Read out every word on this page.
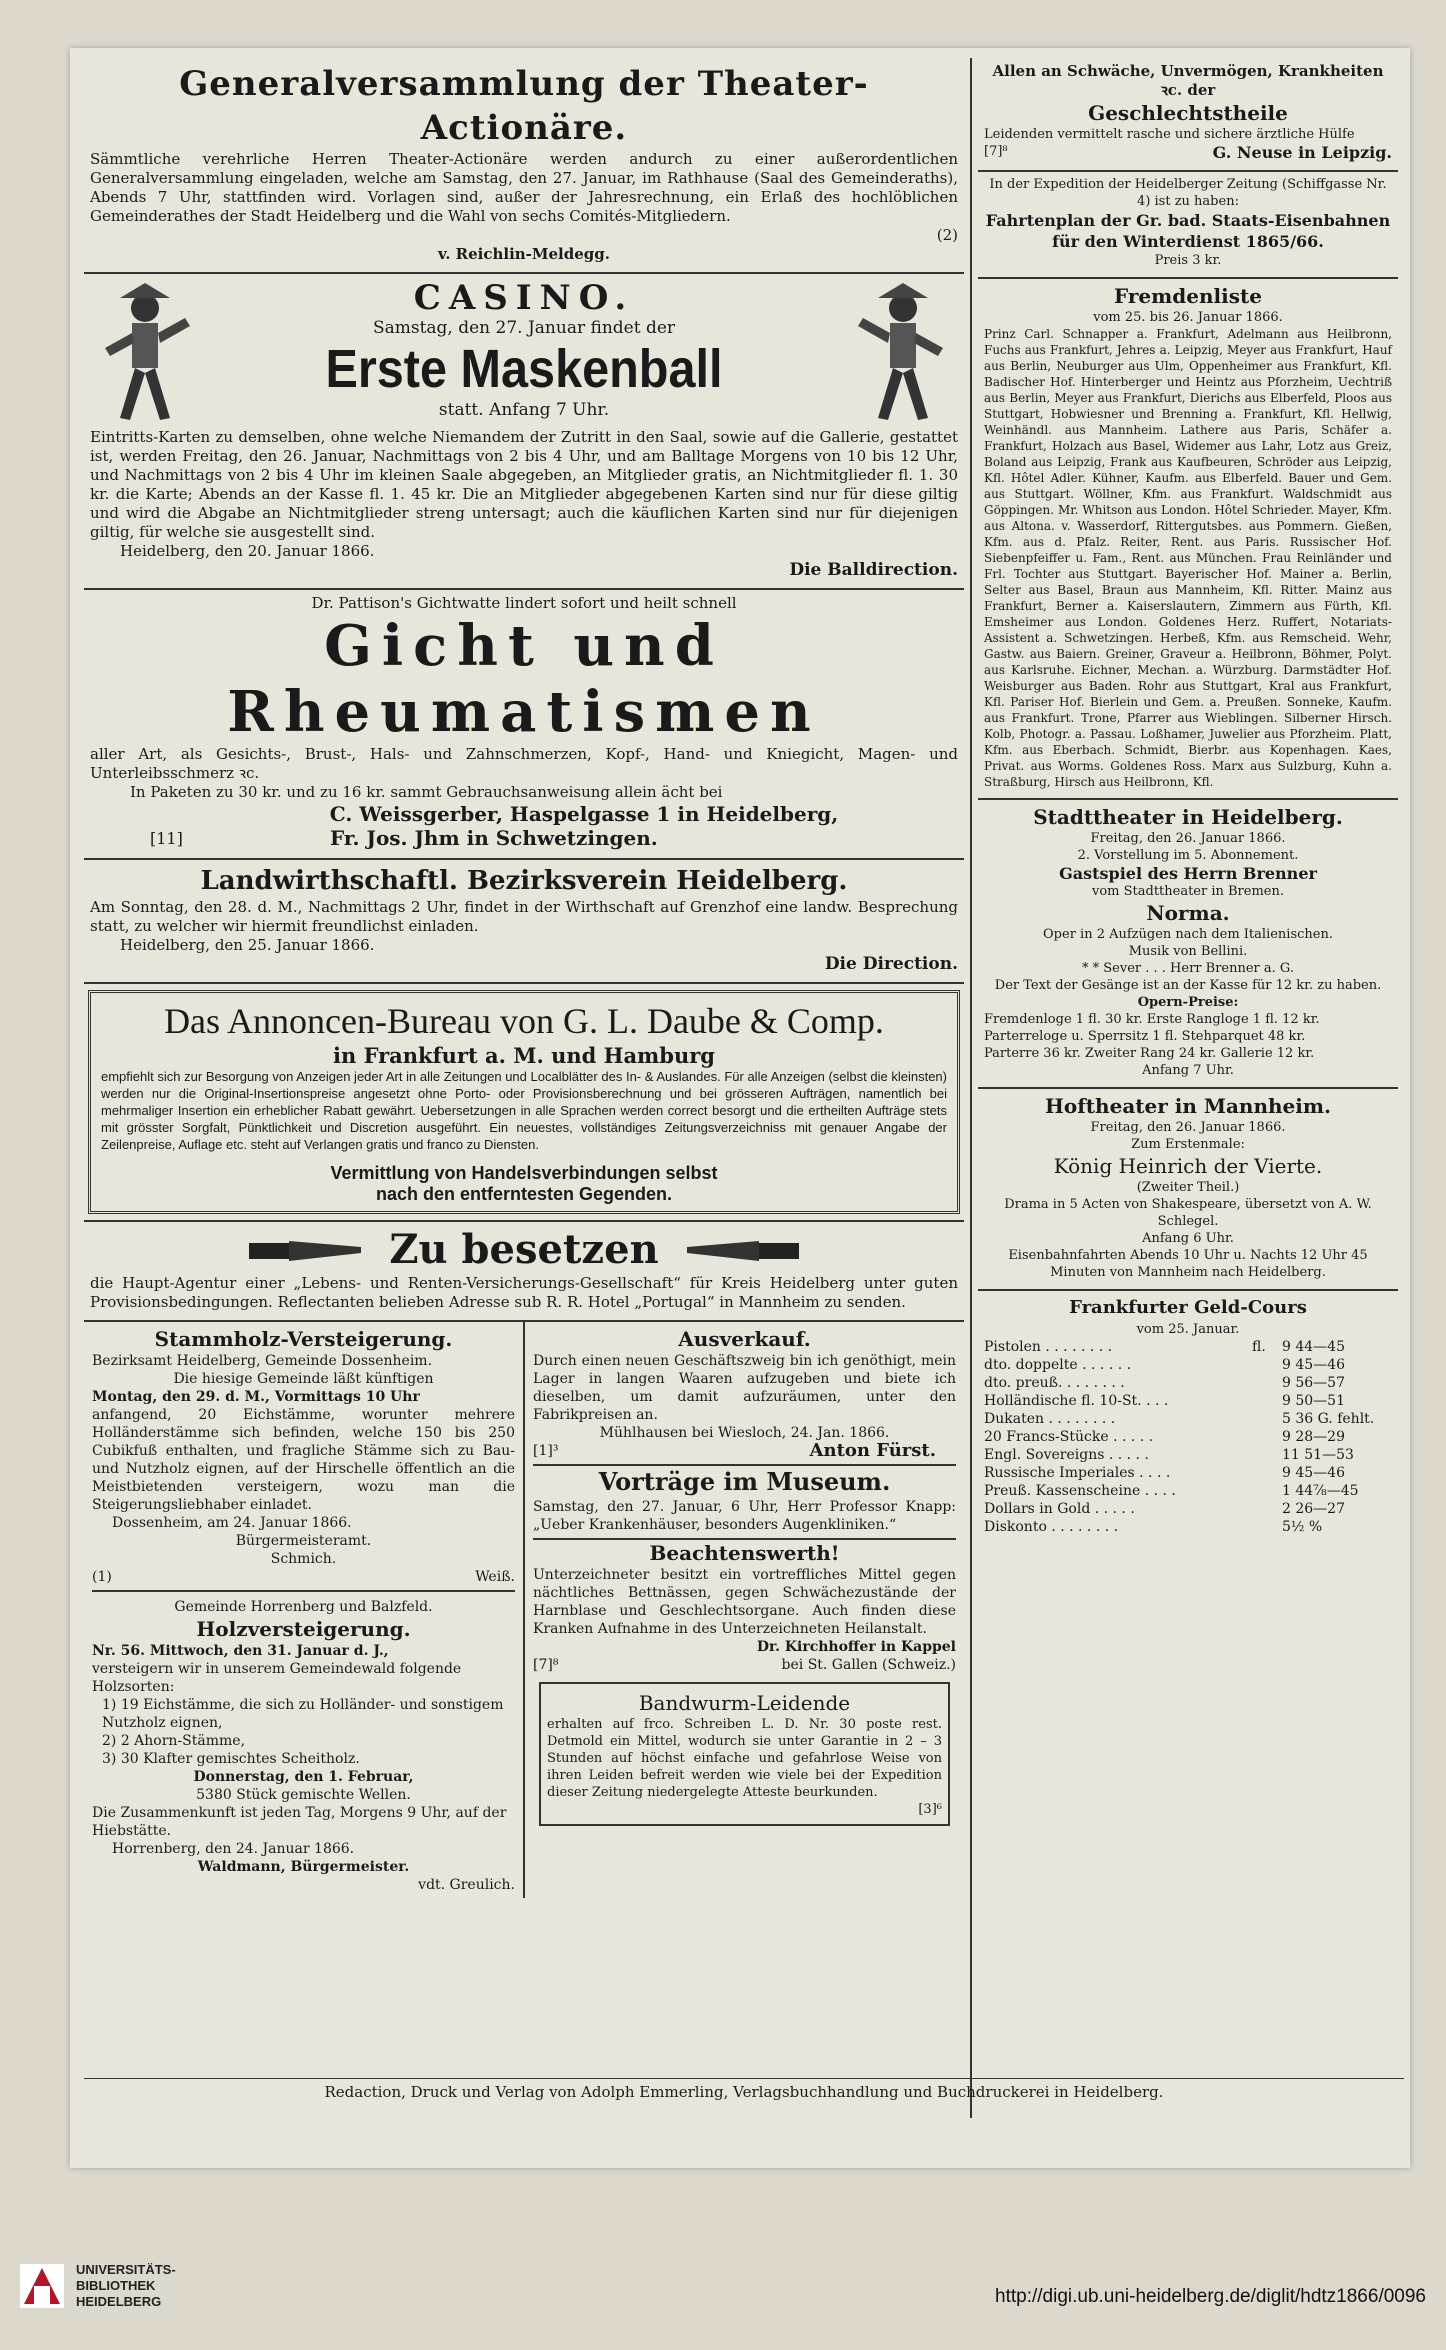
Generalversammlung der Theater-Actionäre.

Sämmtliche verehrliche Herren Theater-Actionäre werden andurch zu einer außerordentlichen Generalversammlung eingeladen, welche am Samstag, den 27. Januar, im Rathhause (Saal des Gemeinderaths), Abends 7 Uhr, stattfinden wird. Vorlagen sind, außer der Jahresrechnung, ein Erlaß des hochlöblichen Gemeinderathes der Stadt Heidelberg und die Wahl von sechs Comités-Mitgliedern.

(2)

v. Reichlin-Meldegg.

CASINO.

Samstag, den 27. Januar findet der

Erste Maskenball

statt. Anfang 7 Uhr.

Eintritts-Karten zu demselben, ohne welche Niemandem der Zutritt in den Saal, sowie auf die Gallerie, gestattet ist, werden Freitag, den 26. Januar, Nachmittags von 2 bis 4 Uhr, und am Balltage Morgens von 10 bis 12 Uhr, und Nachmittags von 2 bis 4 Uhr im kleinen Saale abgegeben, an Mitglieder gratis, an Nichtmitglieder fl. 1. 30 kr. die Karte; Abends an der Kasse fl. 1. 45 kr. Die an Mitglieder abgegebenen Karten sind nur für diese giltig und wird die Abgabe an Nichtmitglieder streng untersagt; auch die käuflichen Karten sind nur für diejenigen giltig, für welche sie ausgestellt sind.

Heidelberg, den 20. Januar 1866.

Die Balldirection.

Dr. Pattison's Gichtwatte lindert sofort und heilt schnell

Gicht und Rheumatismen

aller Art, als Gesichts-, Brust-, Hals- und Zahnschmerzen, Kopf-, Hand- und Kniegicht, Magen- und Unterleibsschmerz ꝛc.

In Paketen zu 30 kr. und zu 16 kr. sammt Gebrauchsanweisung allein ächt bei

C. Weissgerber, Haspelgasse 1 in Heidelberg,

[11]	Fr. Jos. Jhm in Schwetzingen.

Landwirthschaftl. Bezirksverein Heidelberg.

Am Sonntag, den 28. d. M., Nachmittags 2 Uhr, findet in der Wirthschaft auf Grenzhof eine landw. Besprechung statt, zu welcher wir hiermit freundlichst einladen.

Heidelberg, den 25. Januar 1866.

Die Direction.

Das Annoncen-Bureau von G. L. Daube & Comp.

in Frankfurt a. M. und Hamburg

empfiehlt sich zur Besorgung von Anzeigen jeder Art in alle Zeitungen und Localblätter des In- & Auslandes. Für alle Anzeigen (selbst die kleinsten) werden nur die Original-Insertionspreise angesetzt ohne Porto- oder Provisionsberechnung und bei grösseren Aufträgen, namentlich bei mehrmaliger Insertion ein erheblicher Rabatt gewährt. Uebersetzungen in alle Sprachen werden correct besorgt und die ertheilten Aufträge stets mit grösster Sorgfalt, Pünktlichkeit und Discretion ausgeführt. Ein neuestes, vollständiges Zeitungsverzeichniss mit genauer Angabe der Zeilenpreise, Auflage etc. steht auf Verlangen gratis und franco zu Diensten.

Vermittlung von Handelsverbindungen selbst

nach den entferntesten Gegenden.

Zu besetzen

die Haupt-Agentur einer „Lebens- und Renten-Versicherungs-Gesellschaft“ für Kreis Heidelberg unter guten Provisionsbedingungen. Reflectanten belieben Adresse sub R. R. Hotel „Portugal“ in Mannheim zu senden.

Stammholz-Versteigerung.

Bezirksamt Heidelberg, Gemeinde Dossenheim.

Die hiesige Gemeinde läßt künftigen

Montag, den 29. d. M., Vormittags 10 Uhr

anfangend, 20 Eichstämme, worunter mehrere Holländerstämme sich befinden, welche 150 bis 250 Cubikfuß enthalten, und fragliche Stämme sich zu Bau- und Nutzholz eignen, auf der Hirschelle öffentlich an die Meistbietenden versteigern, wozu man die Steigerungsliebhaber einladet.

Dossenheim, am 24. Januar 1866.

Bürgermeisteramt.

Schmich.

(1)	Weiß.

Gemeinde Horrenberg und Balzfeld.

Holzversteigerung.

Nr. 56. Mittwoch, den 31. Januar d. J.,

versteigern wir in unserem Gemeindewald folgende Holzsorten:

1) 19 Eichstämme, die sich zu Holländer- und sonstigem Nutzholz eignen,

2) 2 Ahorn-Stämme,

3) 30 Klafter gemischtes Scheitholz.

Donnerstag, den 1. Februar,

5380 Stück gemischte Wellen.

Die Zusammenkunft ist jeden Tag, Morgens 9 Uhr, auf der Hiebstätte.

Horrenberg, den 24. Januar 1866.

Waldmann, Bürgermeister.

vdt. Greulich.

Ausverkauf.

Durch einen neuen Geschäftszweig bin ich genöthigt, mein Lager in langen Waaren aufzugeben und biete ich dieselben, um damit aufzuräumen, unter den Fabrikpreisen an.

Mühlhausen bei Wiesloch, 24. Jan. 1866.

[1]³	Anton Fürst.

Vorträge im Museum.

Samstag, den 27. Januar, 6 Uhr, Herr Professor Knapp: „Ueber Krankenhäuser, besonders Augenkliniken.“

Beachtenswerth!

Unterzeichneter besitzt ein vortreffliches Mittel gegen nächtliches Bettnässen, gegen Schwächezustände der Harnblase und Geschlechtsorgane. Auch finden diese Kranken Aufnahme in des Unterzeichneten Heilanstalt.

Dr. Kirchhoffer in Kappel

[7]⁸	bei St. Gallen (Schweiz.)

Bandwurm-Leidende

erhalten auf frco. Schreiben L. D. Nr. 30 poste rest. Detmold ein Mittel, wodurch sie unter Garantie in 2 – 3 Stunden auf höchst einfache und gefahrlose Weise von ihren Leiden befreit werden wie viele bei der Expedition dieser Zeitung niedergelegte Atteste beurkunden.

[3]⁶

Allen an Schwäche, Unvermögen, Krankheiten ꝛc. der

Geschlechtstheile

Leidenden vermittelt rasche und sichere ärztliche Hülfe

[7]⁸	G. Neuse in Leipzig.

In der Expedition der Heidelberger Zeitung (Schiffgasse Nr. 4) ist zu haben:

Fahrtenplan der Gr. bad. Staats-Eisenbahnen für den Winterdienst 1865/66.

Preis 3 kr.

Fremdenliste

vom 25. bis 26. Januar 1866.

Prinz Carl. Schnapper a. Frankfurt, Adelmann aus Heilbronn, Fuchs aus Frankfurt, Jehres a. Leipzig, Meyer aus Frankfurt, Hauf aus Berlin, Neuburger aus Ulm, Oppenheimer aus Frankfurt, Kfl. Badischer Hof. Hinterberger und Heintz aus Pforzheim, Uechtriß aus Berlin, Meyer aus Frankfurt, Dierichs aus Elberfeld, Ploos aus Stuttgart, Hobwiesner und Brenning a. Frankfurt, Kfl. Hellwig, Weinhändl. aus Mannheim. Lathere aus Paris, Schäfer a. Frankfurt, Holzach aus Basel, Widemer aus Lahr, Lotz aus Greiz, Boland aus Leipzig, Frank aus Kaufbeuren, Schröder aus Leipzig, Kfl. Hôtel Adler. Kühner, Kaufm. aus Elberfeld. Bauer und Gem. aus Stuttgart. Wöllner, Kfm. aus Frankfurt. Waldschmidt aus Göppingen. Mr. Whitson aus London. Hôtel Schrieder. Mayer, Kfm. aus Altona. v. Wasserdorf, Rittergutsbes. aus Pommern. Gießen, Kfm. aus d. Pfalz. Reiter, Rent. aus Paris. Russischer Hof. Siebenpfeiffer u. Fam., Rent. aus München. Frau Reinländer und Frl. Tochter aus Stuttgart. Bayerischer Hof. Mainer a. Berlin, Selter aus Basel, Braun aus Mannheim, Kfl. Ritter. Mainz aus Frankfurt, Berner a. Kaiserslautern, Zimmern aus Fürth, Kfl. Emsheimer aus London. Goldenes Herz. Ruffert, Notariats-Assistent a. Schwetzingen. Herbeß, Kfm. aus Remscheid. Wehr, Gastw. aus Baiern. Greiner, Graveur a. Heilbronn, Böhmer, Polyt. aus Karlsruhe. Eichner, Mechan. a. Würzburg. Darmstädter Hof. Weisburger aus Baden. Rohr aus Stuttgart, Kral aus Frankfurt, Kfl. Pariser Hof. Bierlein und Gem. a. Preußen. Sonneke, Kaufm. aus Frankfurt. Trone, Pfarrer aus Wieblingen. Silberner Hirsch. Kolb, Photogr. a. Passau. Loßhamer, Juwelier aus Pforzheim. Platt, Kfm. aus Eberbach. Schmidt, Bierbr. aus Kopenhagen. Kaes, Privat. aus Worms. Goldenes Ross. Marx aus Sulzburg, Kuhn a. Straßburg, Hirsch aus Heilbronn, Kfl.

Stadttheater in Heidelberg.

Freitag, den 26. Januar 1866.

2. Vorstellung im 5. Abonnement.

Gastspiel des Herrn Brenner

vom Stadttheater in Bremen.

Norma.

Oper in 2 Aufzügen nach dem Italienischen.

Musik von Bellini.

* * Sever . . . Herr Brenner a. G.

Der Text der Gesänge ist an der Kasse für 12 kr. zu haben.

Opern-Preise:

Fremdenloge 1 fl. 30 kr. Erste Rangloge 1 fl. 12 kr.

Parterreloge u. Sperrsitz 1 fl. Stehparquet 48 kr.

Parterre 36 kr. Zweiter Rang 24 kr. Gallerie 12 kr.

Anfang 7 Uhr.

Hoftheater in Mannheim.

Freitag, den 26. Januar 1866.

Zum Erstenmale:

König Heinrich der Vierte.

(Zweiter Theil.)

Drama in 5 Acten von Shakespeare, übersetzt von A. W. Schlegel.

Anfang 6 Uhr.

Eisenbahnfahrten Abends 10 Uhr u. Nachts 12 Uhr 45 Minuten von Mannheim nach Heidelberg.

Frankfurter Geld-Cours

vom 25. Januar.

Pistolen . . . . . . . .	fl.	9 44—45
dto. doppelte . . . . . .	9 45—46
dto. preuß. . . . . . . .	9 56—57
Holländische fl. 10-St. . . .	9 50—51
Dukaten . . . . . . . .	5 36 G. fehlt.
20 Francs-Stücke . . . . .	9 28—29
Engl. Sovereigns . . . . .	11 51—53
Russische Imperiales . . . .	9 45—46
Preuß. Kassenscheine . . . .	1 44⅞—45
Dollars in Gold . . . . .	2 26—27
Diskonto . . . . . . . .	5½ %

Redaction, Druck und Verlag von Adolph Emmerling, Verlagsbuchhandlung und Buchdruckerei in Heidelberg.

UNIVERSITÄTS-
BIBLIOTHEK
HEIDELBERG	http://digi.ub.uni-heidelberg.de/diglit/hdtz1866/0096
